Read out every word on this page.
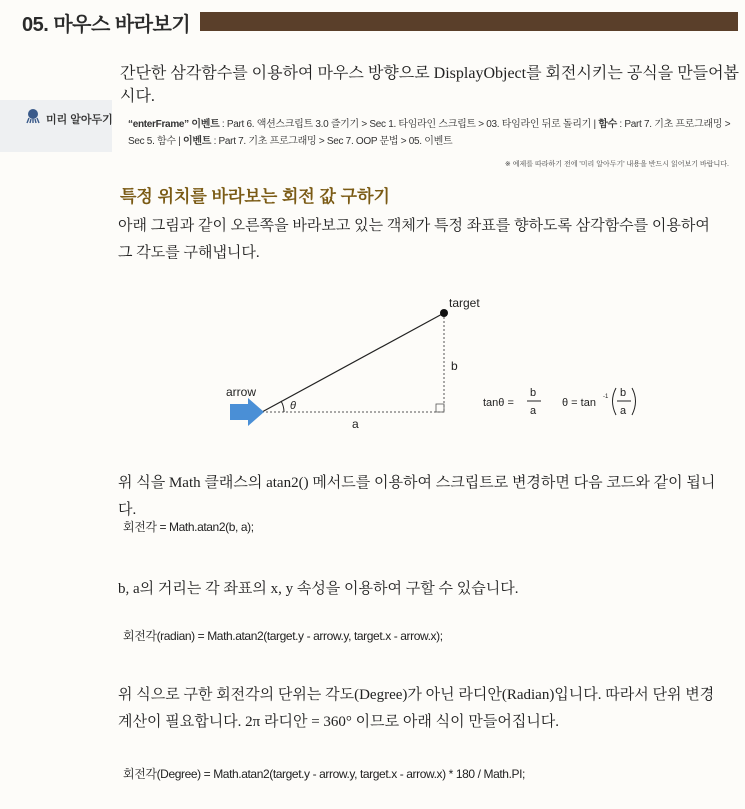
05. 마우스 바라보기
간단한 삼각함수를 이용하여 마우스 방향으로 DisplayObject를 회전시키는 공식을 만들어봅시다.
미리 알아두기 “enterFrame” 이벤트 : Part 6. 액션스크립트 3.0 즐기기 > Sec 1. 타임라인 스크립트 > 03. 타임라인 뒤로 돌리기 | 함수 : Part 7. 기초 프로그래밍 >
Sec 5. 함수 | 이벤트 : Part 7. 기초 프로그래밍 > Sec 7. OOP 문법 > 05. 이벤트
※ 예제를 따라하기 전에 '미리 알아두기' 내용을 반드시 읽어보기 바랍니다.
특정 위치를 바라보는 회전 값 구하기
아래 그림과 같이 오른쪽을 바라보고 있는 객체가 특정 좌표를 향하도록 삼각함수를 이용하여 그 각도를 구해냅니다.
target
arrow
θ
a
b
tanθ =
b
a
θ = tan -1 b
a
위 식을 Math 클래스의 atan2() 메서드를 이용하여 스크립트로 변경하면 다음 코드와 같이 됩니다.
회전각 = Math.atan2(b, a);
b, a의 거리는 각 좌표의 x, y 속성을 이용하여 구할 수 있습니다.
회전각(radian) = Math.atan2(target.y - arrow.y, target.x - arrow.x);
위 식으로 구한 회전각의 단위는 각도(Degree)가 아닌 라디안(Radian)입니다. 따라서 단위 변경 계산이 필요합니다. 2π 라디안 = 360° 이므로 아래 식이 만들어집니다.
회전각(Degree) = Math.atan2(target.y - arrow.y, target.x - arrow.x) * 180 / Math.PI;
